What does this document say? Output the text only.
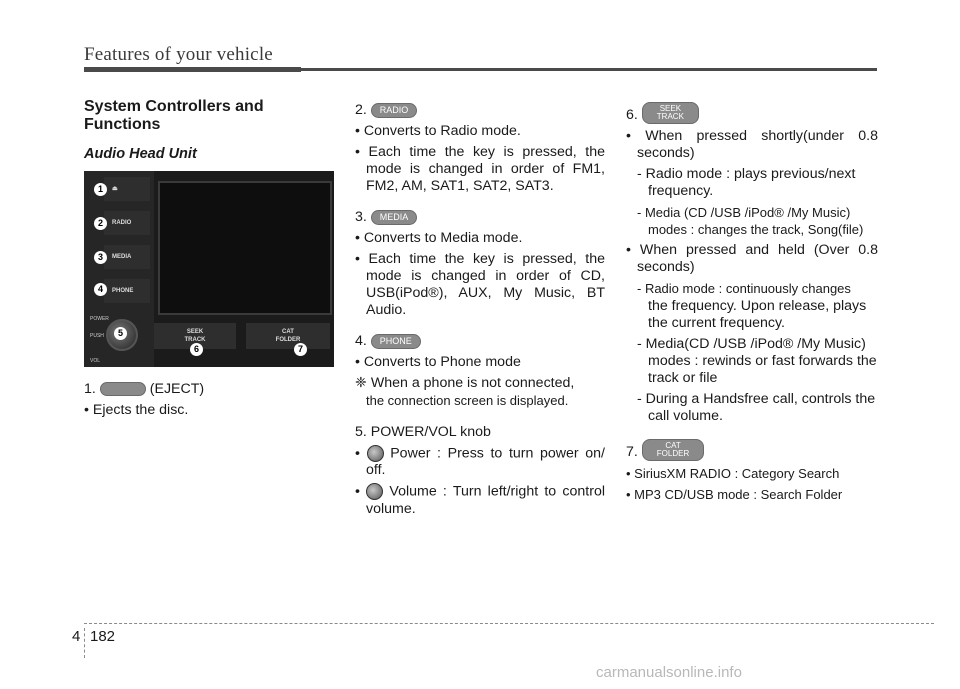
Features of your vehicle
System Controllers and Functions
Audio Head Unit
⏏
RADIO
MEDIA
PHONE
POWER
PUSH
VOL
SEEK
TRACK
CAT
FOLDER
1
2
3
4
5
6	7

1.	(EJECT)

• Ejects the disc.

2. RADIO

• Converts to Radio mode.
• Each time the key is pressed, the mode is changed in order of FM1, FM2, AM, SAT1, SAT2, SAT3.

3. MEDIA

• Converts to Media mode.
• Each time the key is pressed, the mode is changed in order of CD, USB(iPod®), AUX, My Music, BT Audio.

4. PHONE

• Converts to Phone mode
❈ When a phone is not connected,
the connection screen is displayed.

5. POWER/VOL knob

•  Power : Press to turn power on/ off.
•  Volume : Turn left/right to control volume.

6.	SEEK
TRACK

• When pressed shortly(under 0.8 seconds)
- Radio mode : plays previous/next frequency.
- Media (CD /USB /iPod® /My Music)
modes : changes the track, Song(file)
• When pressed and held (Over 0.8 seconds)
- Radio mode : continuously changes
the frequency. Upon release, plays the current frequency.
- Media(CD /USB /iPod® /My Music) modes : rewinds or fast forwards the track or file
- During a Handsfree call, controls the call volume.

7.	CAT
FOLDER

• SiriusXM RADIO : Category Search
• MP3 CD/USB mode : Search Folder
4 182
carmanualsonline.info
